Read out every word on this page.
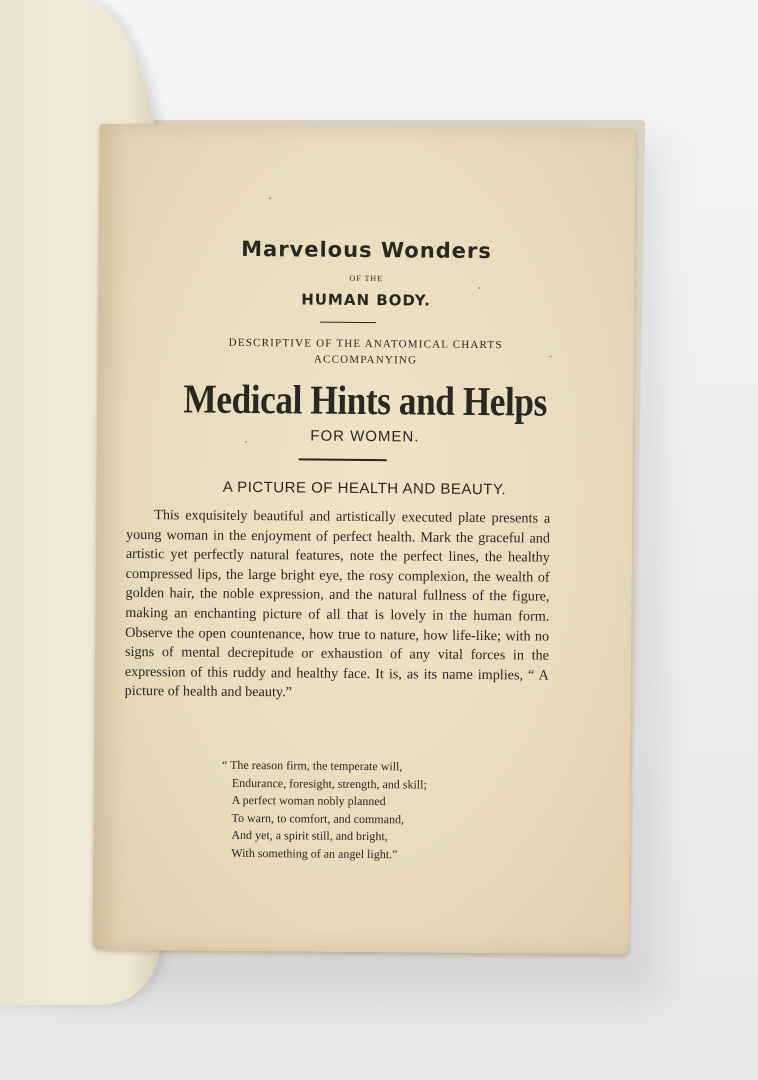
Marvelous Wonders
OF THE
HUMAN BODY.
DESCRIPTIVE OF THE ANATOMICAL CHARTS
ACCOMPANYING
Medical Hints and Helps
FOR WOMEN.
A PICTURE OF HEALTH AND BEAUTY.
This exquisitely beautiful and artistically executed plate presents a young woman in the enjoyment of perfect health. Mark the graceful and artistic yet perfectly natural features, note the perfect lines, the healthy compressed lips, the large bright eye, the rosy complexion, the wealth of golden hair, the noble expression, and the natural fullness of the figure, making an enchanting picture of all that is lovely in the human form. Observe the open countenance, how true to nature, how life-like; with no signs of mental decrepitude or exhaustion of any vital forces in the expression of this ruddy and healthy face. It is, as its name implies, “ A picture of health and beauty.”
“ The reason firm, the temperate will,
Endurance, foresight, strength, and skill;
A perfect woman nobly planned
To warn, to comfort, and command,
And yet, a spirit still, and bright,
With something of an angel light.”
